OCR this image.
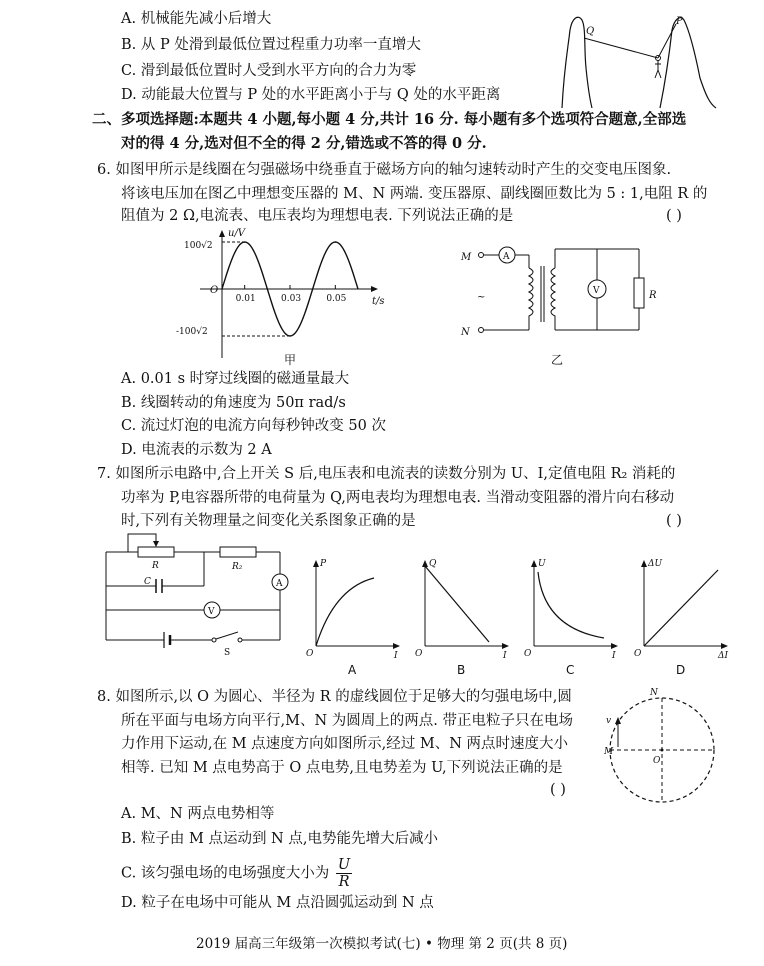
A. 机械能先减小后增大
B. 从 P 处滑到最低位置过程重力功率一直增大
C. 滑到最低位置时人受到水平方向的合力为零
D. 动能最大位置与 P 处的水平距离小于与 Q 处的水平距离
Q
P
二、多项选择题:本题共 4 小题,每小题 4 分,共计 16 分. 每小题有多个选项符合题意,全部选
对的得 4 分,选对但不全的得 2 分,错选或不答的得 0 分.
6. 如图甲所示是线圈在匀强磁场中绕垂直于磁场方向的轴匀速转动时产生的交变电压图象.
将该电压加在图乙中理想变压器的 M、N 两端. 变压器原、副线圈匝数比为 5 : 1,电阻 R 的
阻值为 2 Ω,电流表、电压表均为理想电表. 下列说法正确的是	( )
0.01	0.03	0.05
u/V
t/s
O
100√2
-100√2
甲
M	A
~
N
V	R
乙
A. 0.01 s 时穿过线圈的磁通量最大
B. 线圈转动的角速度为 50π rad/s
C. 流过灯泡的电流方向每秒钟改变 50 次
D. 电流表的示数为 2 A
7. 如图所示电路中,合上开关 S 后,电压表和电流表的读数分别为 U、I,定值电阻 R₂ 消耗的
功率为 P,电容器所带的电荷量为 Q,两电表均为理想电表. 当滑动变阻器的滑片向右移动
时,下列有关物理量之间变化关系图象正确的是	( )
R	R₂
A
C
V
S
P
I
O
A
Q
I
O
B
U
I
O
C
ΔU
ΔI
O
D
8. 如图所示,以 O 为圆心、半径为 R 的虚线圆位于足够大的匀强电场中,圆
所在平面与电场方向平行,M、N 为圆周上的两点. 带正电粒子只在电场
力作用下运动,在 M 点速度方向如图所示,经过 M、N 两点时速度大小
相等. 已知 M 点电势高于 O 点电势,且电势差为 U,下列说法正确的是
( )
v
N
M
O
A. M、N 两点电势相等
B. 粒子由 M 点运动到 N 点,电势能先增大后减小
C. 该匀强电场的电场强度大小为 $\frac{U}{R}$
D. 粒子在电场中可能从 M 点沿圆弧运动到 N 点
2019 届高三年级第一次模拟考试(七) • 物理 第 2 页(共 8 页)
